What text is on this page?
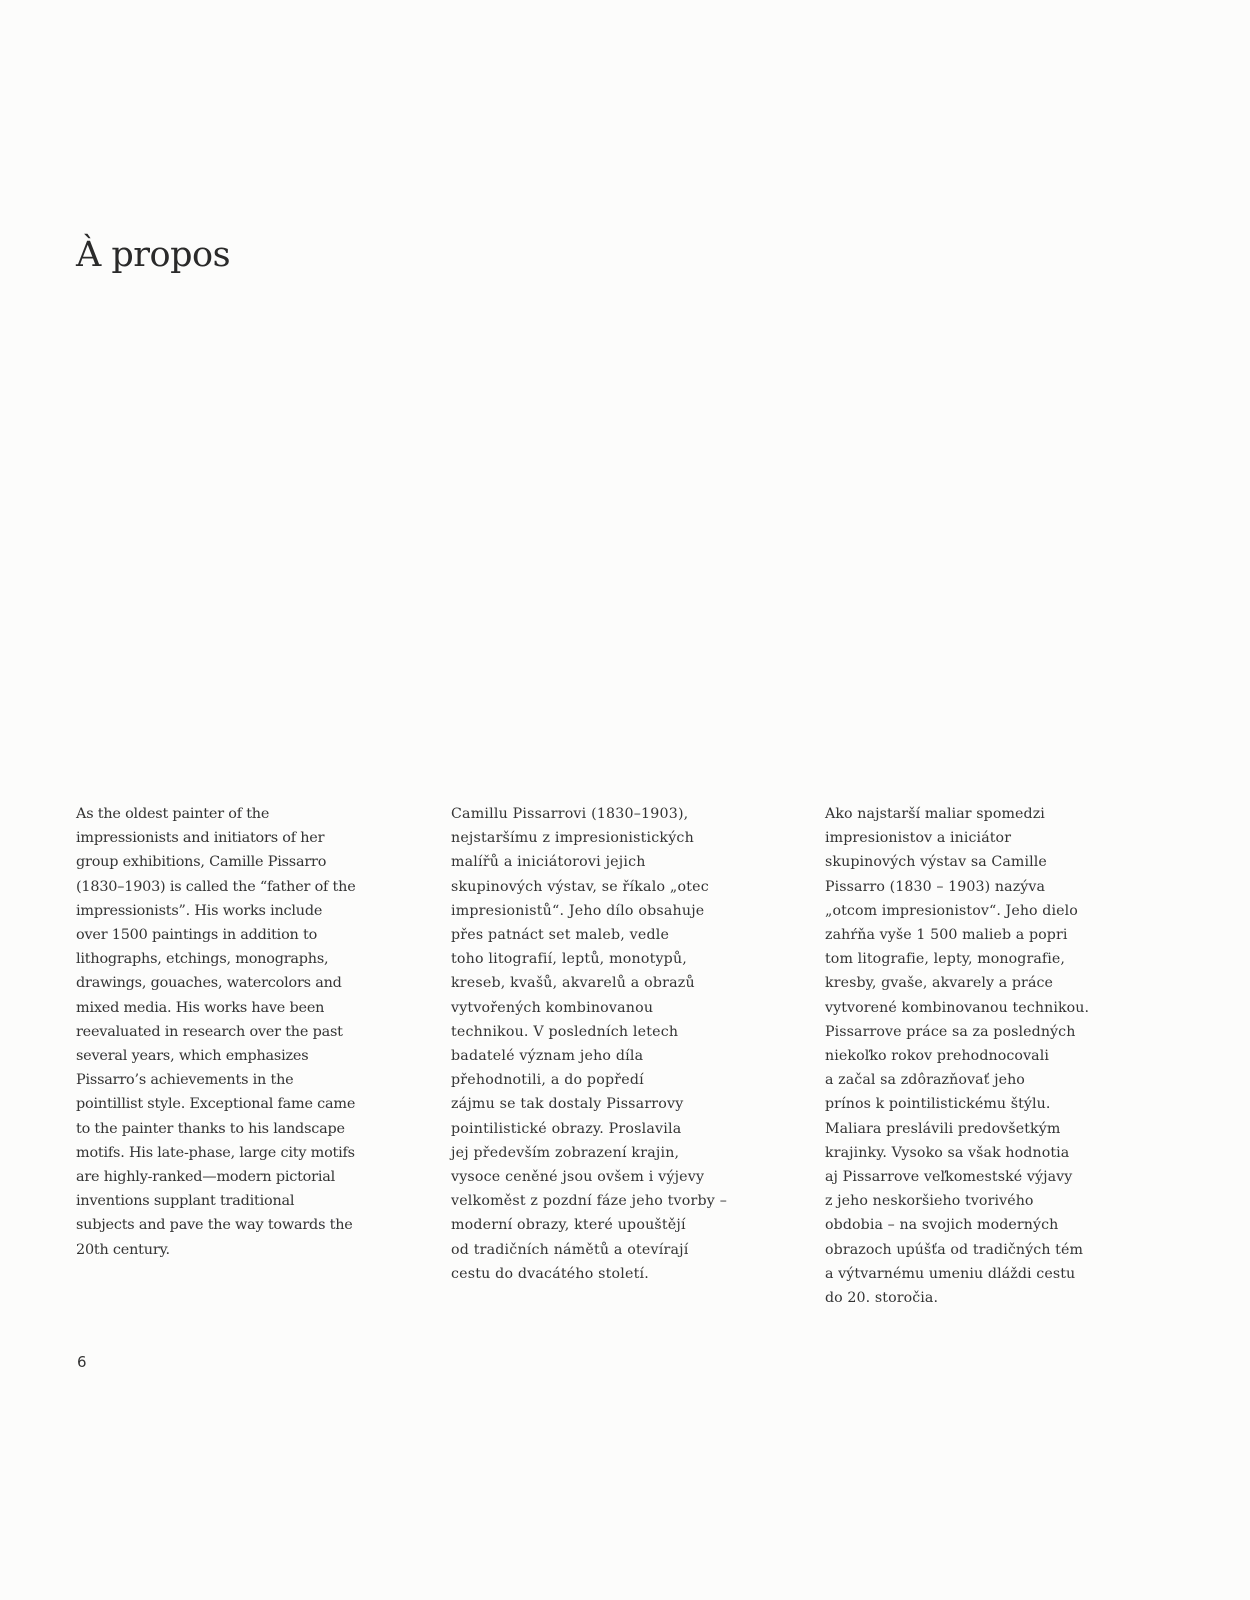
À propos
As the oldest painter of the
impressionists and initiators of her
group exhibitions, Camille Pissarro
(1830–1903) is called the “father of the
impressionists”. His works include
over 1500 paintings in addition to
lithographs, etchings, monographs,
drawings, gouaches, watercolors and
mixed media. His works have been
reevaluated in research over the past
several years, which emphasizes
Pissarro’s achievements in the
pointillist style. Exceptional fame came
to the painter thanks to his landscape
motifs. His late-phase, large city motifs
are highly-ranked—modern pictorial
inventions supplant traditional
subjects and pave the way towards the
20th century.
Camillu Pissarrovi (1830–1903),
nejstaršímu z impresionistických
malířů a iniciátorovi jejich
skupinových výstav, se říkalo „otec
impresionistů“. Jeho dílo obsahuje
přes patnáct set maleb, vedle
toho litografií, leptů, monotypů,
kreseb, kvašů, akvarelů a obrazů
vytvořených kombinovanou
technikou. V posledních letech
badatelé význam jeho díla
přehodnotili, a do popředí
zájmu se tak dostaly Pissarrovy
pointilistické obrazy. Proslavila
jej především zobrazení krajin,
vysoce ceněné jsou ovšem i výjevy
velkoměst z pozdní fáze jeho tvorby –
moderní obrazy, které upouštějí
od tradičních námětů a otevírají
cestu do dvacátého století.
Ako najstarší maliar spomedzi
impresionistov a iniciátor
skupinových výstav sa Camille
Pissarro (1830 – 1903) nazýva
„otcom impresionistov“. Jeho dielo
zahŕňa vyše 1 500 malieb a popri
tom litografie, lepty, monografie,
kresby, gvaše, akvarely a práce
vytvorené kombinovanou technikou.
Pissarrove práce sa za posledných
niekoľko rokov prehodnocovali
a začal sa zdôrazňovať jeho
prínos k pointilistickému štýlu.
Maliara preslávili predovšetkým
krajinky. Vysoko sa však hodnotia
aj Pissarrove veľkomestské výjavy
z jeho neskoršieho tvorivého
obdobia – na svojich moderných
obrazoch upúšťa od tradičných tém
a výtvarnému umeniu dláždi cestu
do 20. storočia.
6
